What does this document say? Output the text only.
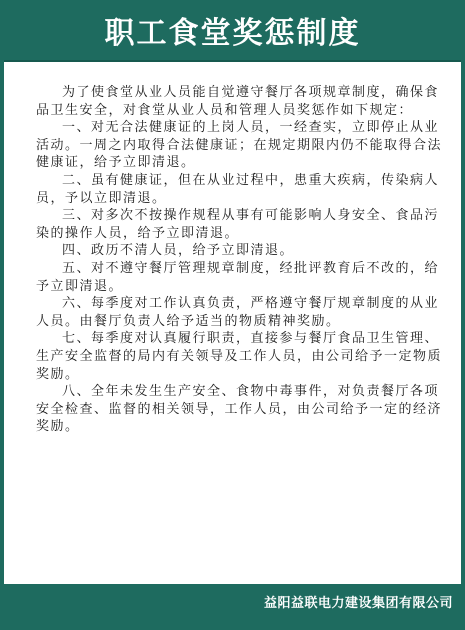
职工食堂奖惩制度

为了使食堂从业人员能自觉遵守餐厅各项规章制度，确保食品卫生安全，对食堂从业人员和管理人员奖惩作如下规定：

一、对无合法健康证的上岗人员，一经查实，立即停止从业活动。一周之内取得合法健康证；在规定期限内仍不能取得合法健康证，给予立即清退。

二、虽有健康证，但在从业过程中，患重大疾病，传染病人员，予以立即清退。

三、对多次不按操作规程从事有可能影响人身安全、食品污染的操作人员，给予立即清退。

四、政历不清人员，给予立即清退。

五、对不遵守餐厅管理规章制度，经批评教育后不改的，给予立即清退。

六、每季度对工作认真负责，严格遵守餐厅规章制度的从业人员。由餐厅负责人给予适当的物质精神奖励。

七、每季度对认真履行职责，直接参与餐厅食品卫生管理、生产安全监督的局内有关领导及工作人员，由公司给予一定物质奖励。

八、全年未发生生产安全、食物中毒事件，对负责餐厅各项安全检查、监督的相关领导，工作人员，由公司给予一定的经济奖励。

益阳益联电力建设集团有限公司
